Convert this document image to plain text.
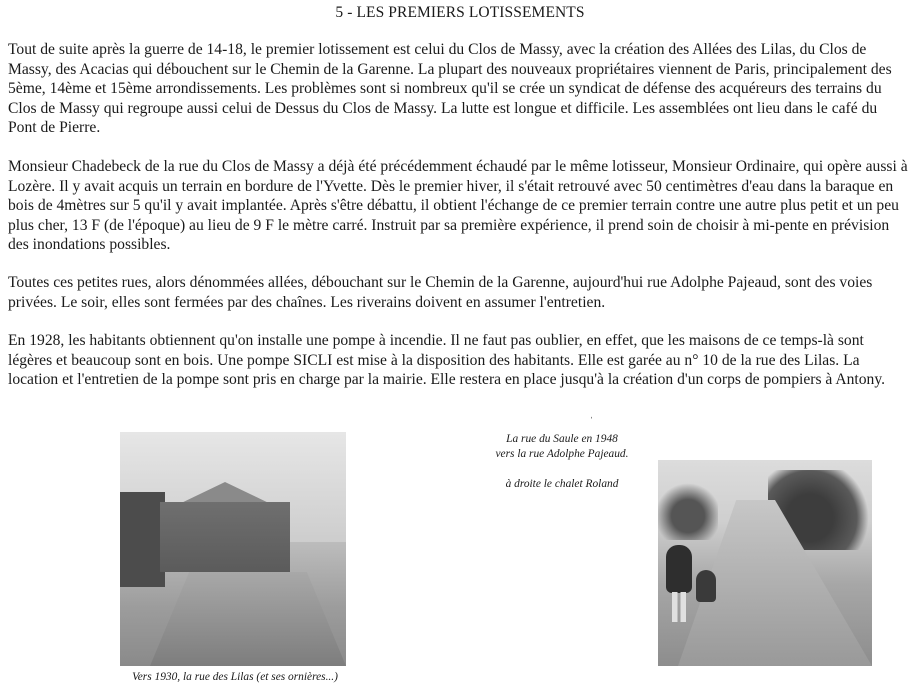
5 - LES PREMIERS LOTISSEMENTS

Tout de suite après la guerre de 14-18, le premier lotissement est celui du Clos de Massy, avec la création des Allées des Lilas, du Clos de Massy, des Acacias qui débouchent sur le Chemin de la Garenne. La plupart des nouveaux propriétaires viennent de Paris, principalement des 5ème, 14ème et 15ème arrondissements. Les problèmes sont si nombreux qu'il se crée un syndicat de défense des acquéreurs des terrains du Clos de Massy qui regroupe aussi celui de Dessus du Clos de Massy. La lutte est longue et difficile. Les assemblées ont lieu dans le café du Pont de Pierre.

Monsieur Chadebeck de la rue du Clos de Massy a déjà été précédemment échaudé par le même lotisseur, Monsieur Ordinaire, qui opère aussi à Lozère. Il y avait acquis un terrain en bordure de l'Yvette. Dès le premier hiver, il s'était retrouvé avec 50 centimètres d'eau dans la baraque en bois de 4mètres sur 5 qu'il y avait implantée. Après s'être débattu, il obtient l'échange de ce premier terrain contre une autre plus petit et un peu plus cher, 13 F (de l'époque) au lieu de 9 F le mètre carré. Instruit par sa première expérience, il prend soin de choisir à mi-pente en prévision des inondations possibles.

Toutes ces petites rues, alors dénommées allées, débouchant sur le Chemin de la Garenne, aujourd'hui rue Adolphe Pajeaud, sont des voies privées. Le soir, elles sont fermées par des chaînes. Les riverains doivent en assumer l'entretien.

En 1928, les habitants obtiennent qu'on installe une pompe à incendie. Il ne faut pas oublier, en effet, que les maisons de ce temps-là sont légères et beaucoup sont en bois. Une pompe SICLI est mise à la disposition des habitants. Elle est garée au n° 10 de la rue des Lilas. La location et l'entretien de la pompe sont pris en charge par la mairie. Elle restera en place jusqu'à la création d'un corps de pompiers à Antony.

ˌ
La rue du Saule en 1948
vers la rue Adolphe Pajeaud.
à droite le chalet Roland
Vers 1930, la rue des Lilas (et ses ornières...)
